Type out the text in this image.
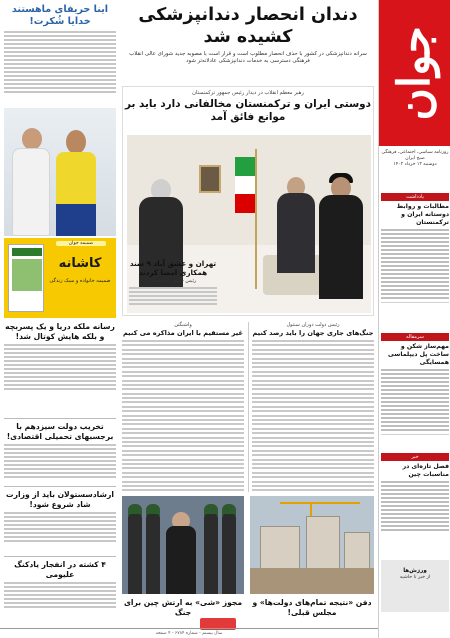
جوان
روزنامه سیاسی، اجتماعی، فرهنگی صبح ایران
دوشنبه ۱۲ خرداد ۱۴۰۲
یادداشت
مطالبات و روابط دوستانه ایران و ترکمنستان
سرمقاله
مهم‌ساز شکن و ساخت پل دیپلماسی همسایگی
خبر
فصل تازه‌ای در مناسبات چین
ورزش‌ها
از خبر تا حاشیه
دندان انحصار دندانپزشکی کشیده شد
سرانه دندانپزشکی در کشور با حذف انحصار مطلوب است و قرار است با مصوبه جدید شورای عالی انقلاب فرهنگی دسترسی به خدمات دندانپزشکی عادلانه‌تر شود
اینا حریفای ماهستند خدایا شُکرت!
ضمیمه جوان
کاشانه
ضمیمه خانواده و سبک زندگی
رسانه ملکه دریا و یک پسربچه و بلکه هایش کوتال شد!
تخریب دولت سیزدهم با برجسبهای تحمیلی اقتصادی!
ارشادسستولان باید از وزارت شاد شروع شود!
۴ کشته در انفجار یادکنگ علیومی
رهبر معظم انقلاب در دیدار رئیس جمهور ترکمنستان
دوستی ایران و ترکمنستان مخالفانی دارد باید بر موانع فائق آمد
تهران و عشق آباد ۹ سند همکاری امضا کردند
رئیس جمهور ترکمنستان
رئیس دولت دوران سنتول
جنگ‌های جاری جهان را باید رصد کنیم
واشنگتن
غیر مستقیم با ایران مذاکره می کنیم
مجوز «شی» به ارتش چین برای جنگ
دفن «نتیجه تمام‌های دولت‌ها» و مجلس قبلی!
سال بیستم - شماره ۶۷۸۴ - ۴ صفحه
